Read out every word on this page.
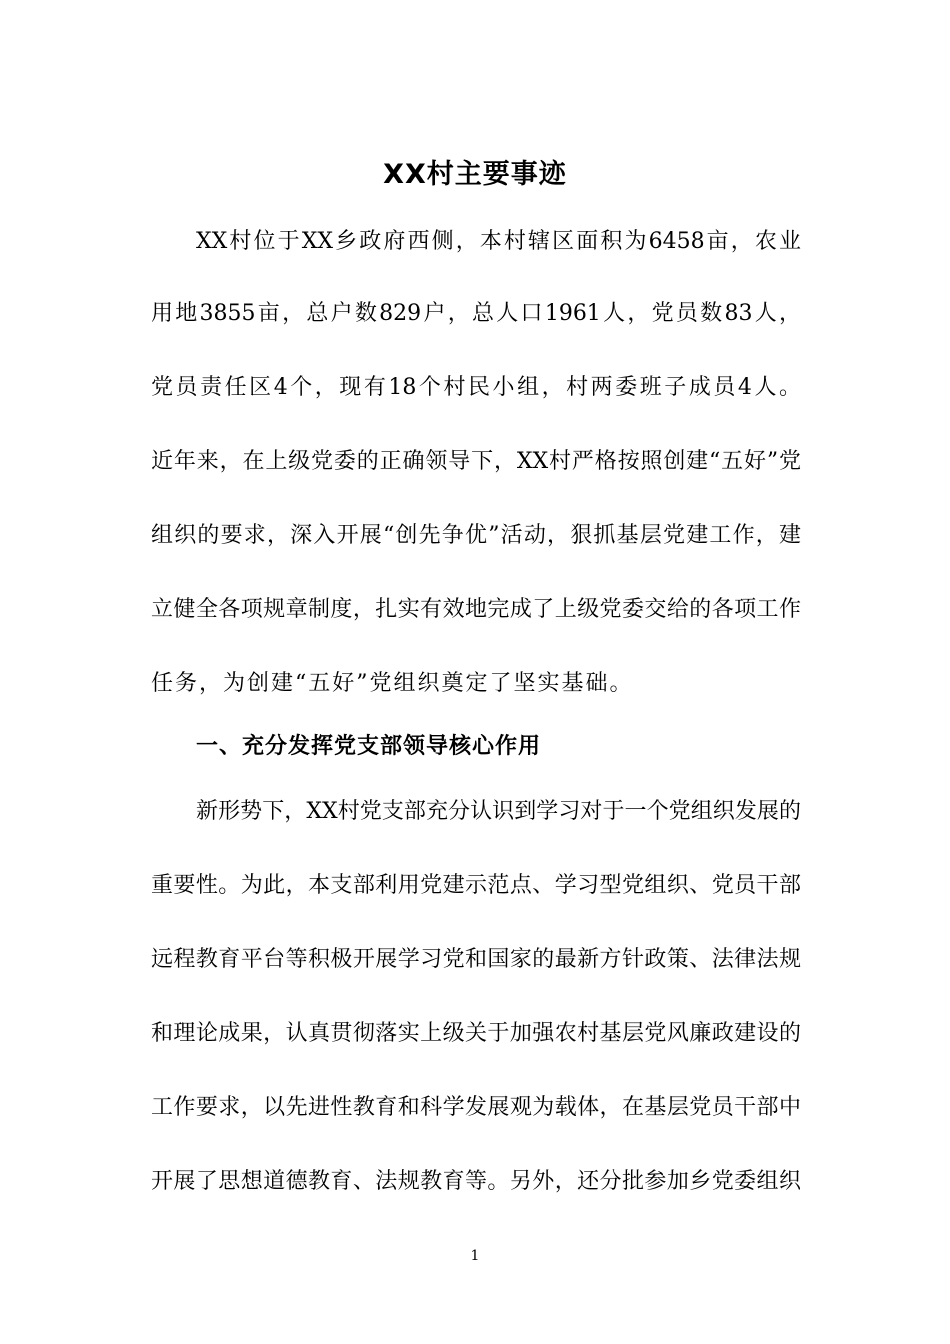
XX村主要事迹
XX村位于XX乡政府西侧，本村辖区面积为6458亩，农业
用地3855亩，总户数829户，总人口1961人，党员数83人，
党员责任区4个，现有18个村民小组，村两委班子成员4人。
近年来，在上级党委的正确领导下，XX村严格按照创建“五好”党
组织的要求，深入开展“创先争优”活动，狠抓基层党建工作，建
立健全各项规章制度，扎实有效地完成了上级党委交给的各项工作
任务，为创建“五好”党组织奠定了坚实基础。
一、充分发挥党支部领导核心作用
新形势下，XX村党支部充分认识到学习对于一个党组织发展的
重要性。为此，本支部利用党建示范点、学习型党组织、党员干部
远程教育平台等积极开展学习党和国家的最新方针政策、法律法规
和理论成果，认真贯彻落实上级关于加强农村基层党风廉政建设的
工作要求，以先进性教育和科学发展观为载体，在基层党员干部中
开展了思想道德教育、法规教育等。另外，还分批参加乡党委组织
1
